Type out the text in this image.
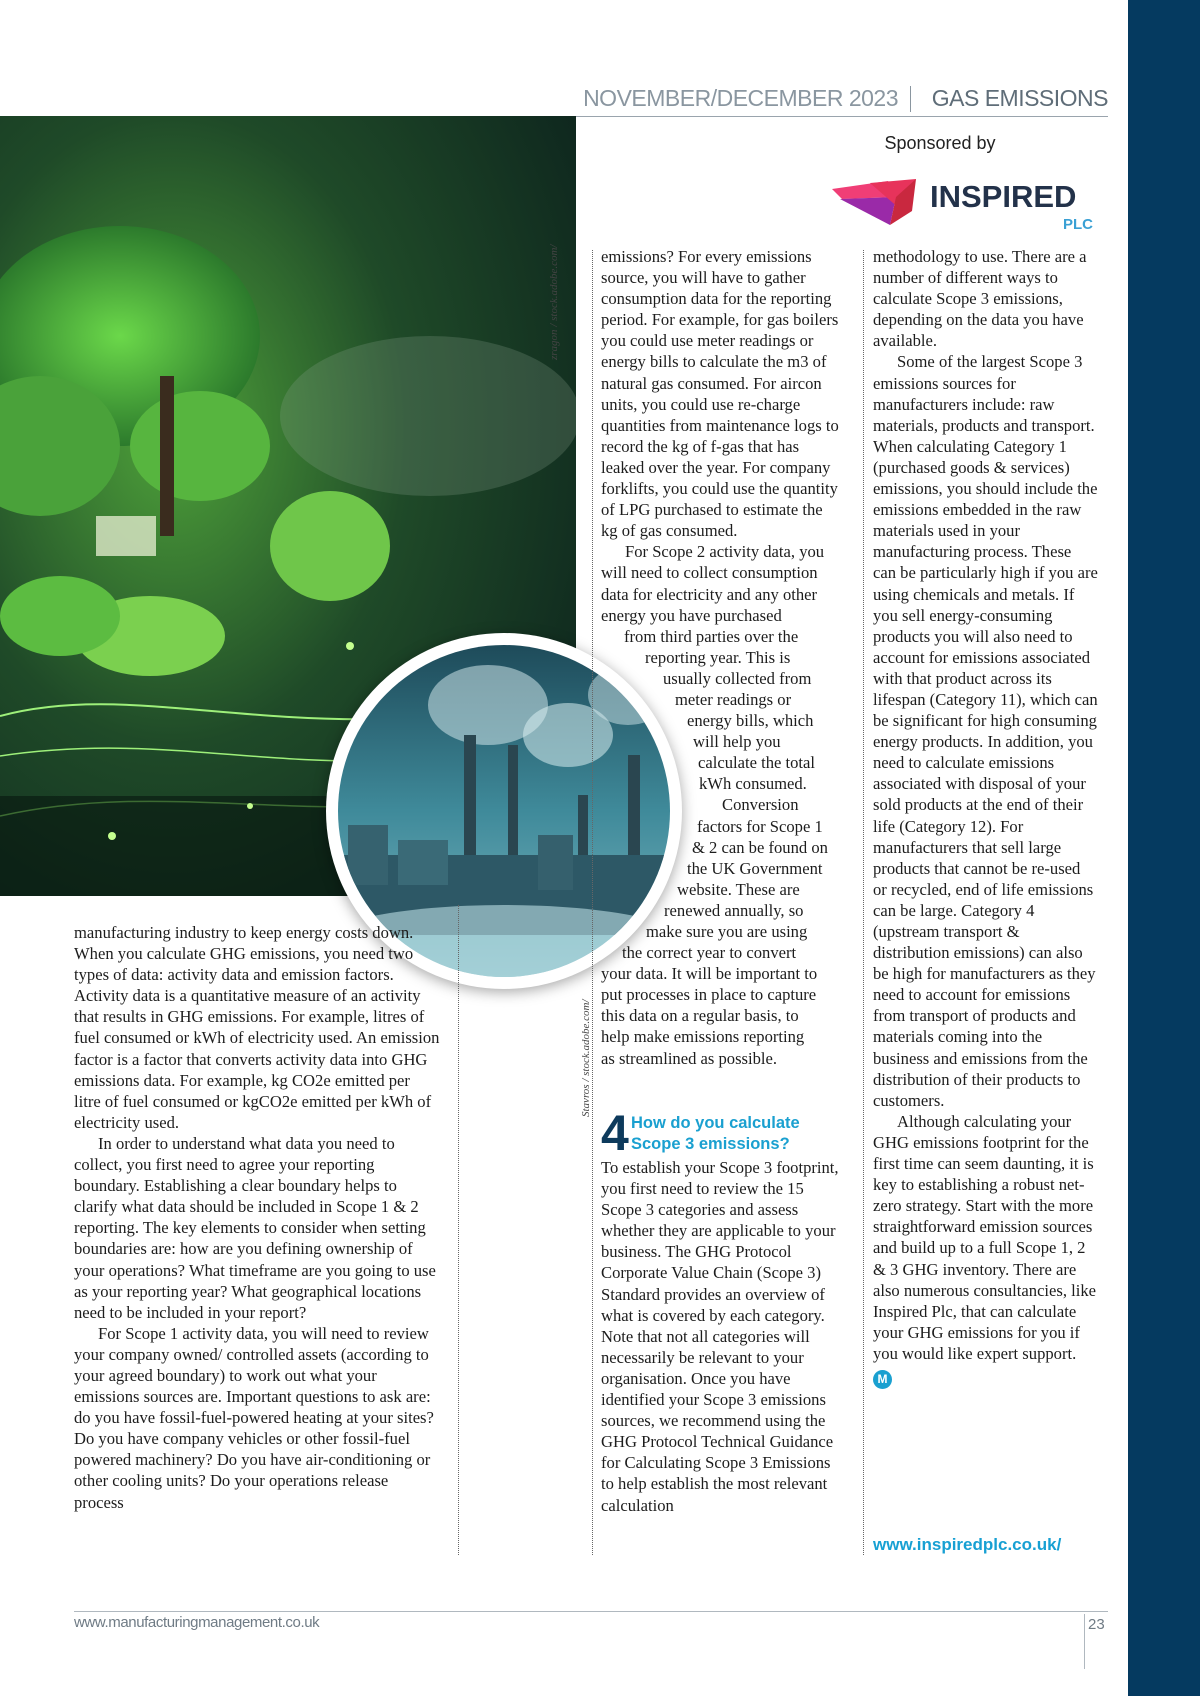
NOVEMBER/DECEMBER 2023 GAS EMISSIONS
Sponsored by
INSPIRED
PLC
zragon / stock.adobe.com/
Stavros / stock.adobe.com/

manufacturing industry to keep energy costs down. When you calculate GHG emissions, you need two types of data: activity data and emission factors. Activity data is a quantitative measure of an activity that results in GHG emissions. For example, litres of fuel consumed or kWh of electricity used. An emission factor is a factor that converts activity data into GHG emissions data. For example, kg CO2e emitted per litre of fuel consumed or kgCO2e emitted per kWh of electricity used.

In order to understand what data you need to collect, you first need to agree your reporting boundary. Establishing a clear boundary helps to clarify what data should be included in Scope 1 & 2 reporting. The key elements to consider when setting boundaries are: how are you defining ownership of your operations? What timeframe are you going to use as your reporting year? What geographical locations need to be included in your report?

For Scope 1 activity data, you will need to review your company owned/ controlled assets (according to your agreed boundary) to work out what your emissions sources are. Important questions to ask are: do you have fossil-fuel-powered heating at your sites? Do you have company vehicles or other fossil-fuel powered machinery? Do you have air-conditioning or other cooling units? Do your operations release process

emissions? For every emissions source, you will have to gather consumption data for the reporting period. For example, for gas boilers you could use meter readings or energy bills to calculate the m3 of natural gas consumed. For aircon units, you could use re-charge quantities from maintenance logs to record the kg of f-gas that has leaked over the year. For company forklifts, you could use the quantity of LPG purchased to estimate the kg of gas consumed.

For Scope 2 activity data, you
will need to collect consumption
data for electricity and any other
energy you have purchased
from third parties over the
reporting year. This is
usually collected from
meter readings or
energy bills, which
will help you
calculate the total
kWh consumed.
Conversion
factors for Scope 1
& 2 can be found on
the UK Government
website. These are
renewed annually, so
make sure you are using
the correct year to convert
your data. It will be important to
put processes in place to capture
this data on a regular basis, to
help make emissions reporting
as streamlined as possible.
4 How do you calculate Scope 3 emissions?

To establish your Scope 3 footprint, you first need to review the 15 Scope 3 categories and assess whether they are applicable to your business. The GHG Protocol Corporate Value Chain (Scope 3) Standard provides an overview of what is covered by each category. Note that not all categories will necessarily be relevant to your organisation. Once you have identified your Scope 3 emissions sources, we recommend using the GHG Protocol Technical Guidance for Calculating Scope 3 Emissions to help establish the most relevant calculation

methodology to use. There are a number of different ways to calculate Scope 3 emissions, depending on the data you have available.

Some of the largest Scope 3 emissions sources for manufacturers include: raw materials, products and transport. When calculating Category 1 (purchased goods & services) emissions, you should include the emissions embedded in the raw materials used in your manufacturing process. These can be particularly high if you are using chemicals and metals. If you sell energy-consuming products you will also need to account for emissions associated with that product across its lifespan (Category 11), which can be significant for high consuming energy products. In addition, you need to calculate emissions associated with disposal of your sold products at the end of their life (Category 12). For manufacturers that sell large products that cannot be re-used or recycled, end of life emissions can be large. Category 4 (upstream transport & distribution emissions) can also be high for manufacturers as they need to account for emissions from transport of products and materials coming into the business and emissions from the distribution of their products to customers.

Although calculating your GHG emissions footprint for the first time can seem daunting, it is key to establishing a robust net-zero strategy. Start with the more straightforward emission sources and build up to a full Scope 1, 2 & 3 GHG inventory. There are also numerous consultancies, like Inspired Plc, that can calculate your GHG emissions for you if you would like expert support. M

www.inspiredplc.co.uk/
www.manufacturingmanagement.co.uk	23
